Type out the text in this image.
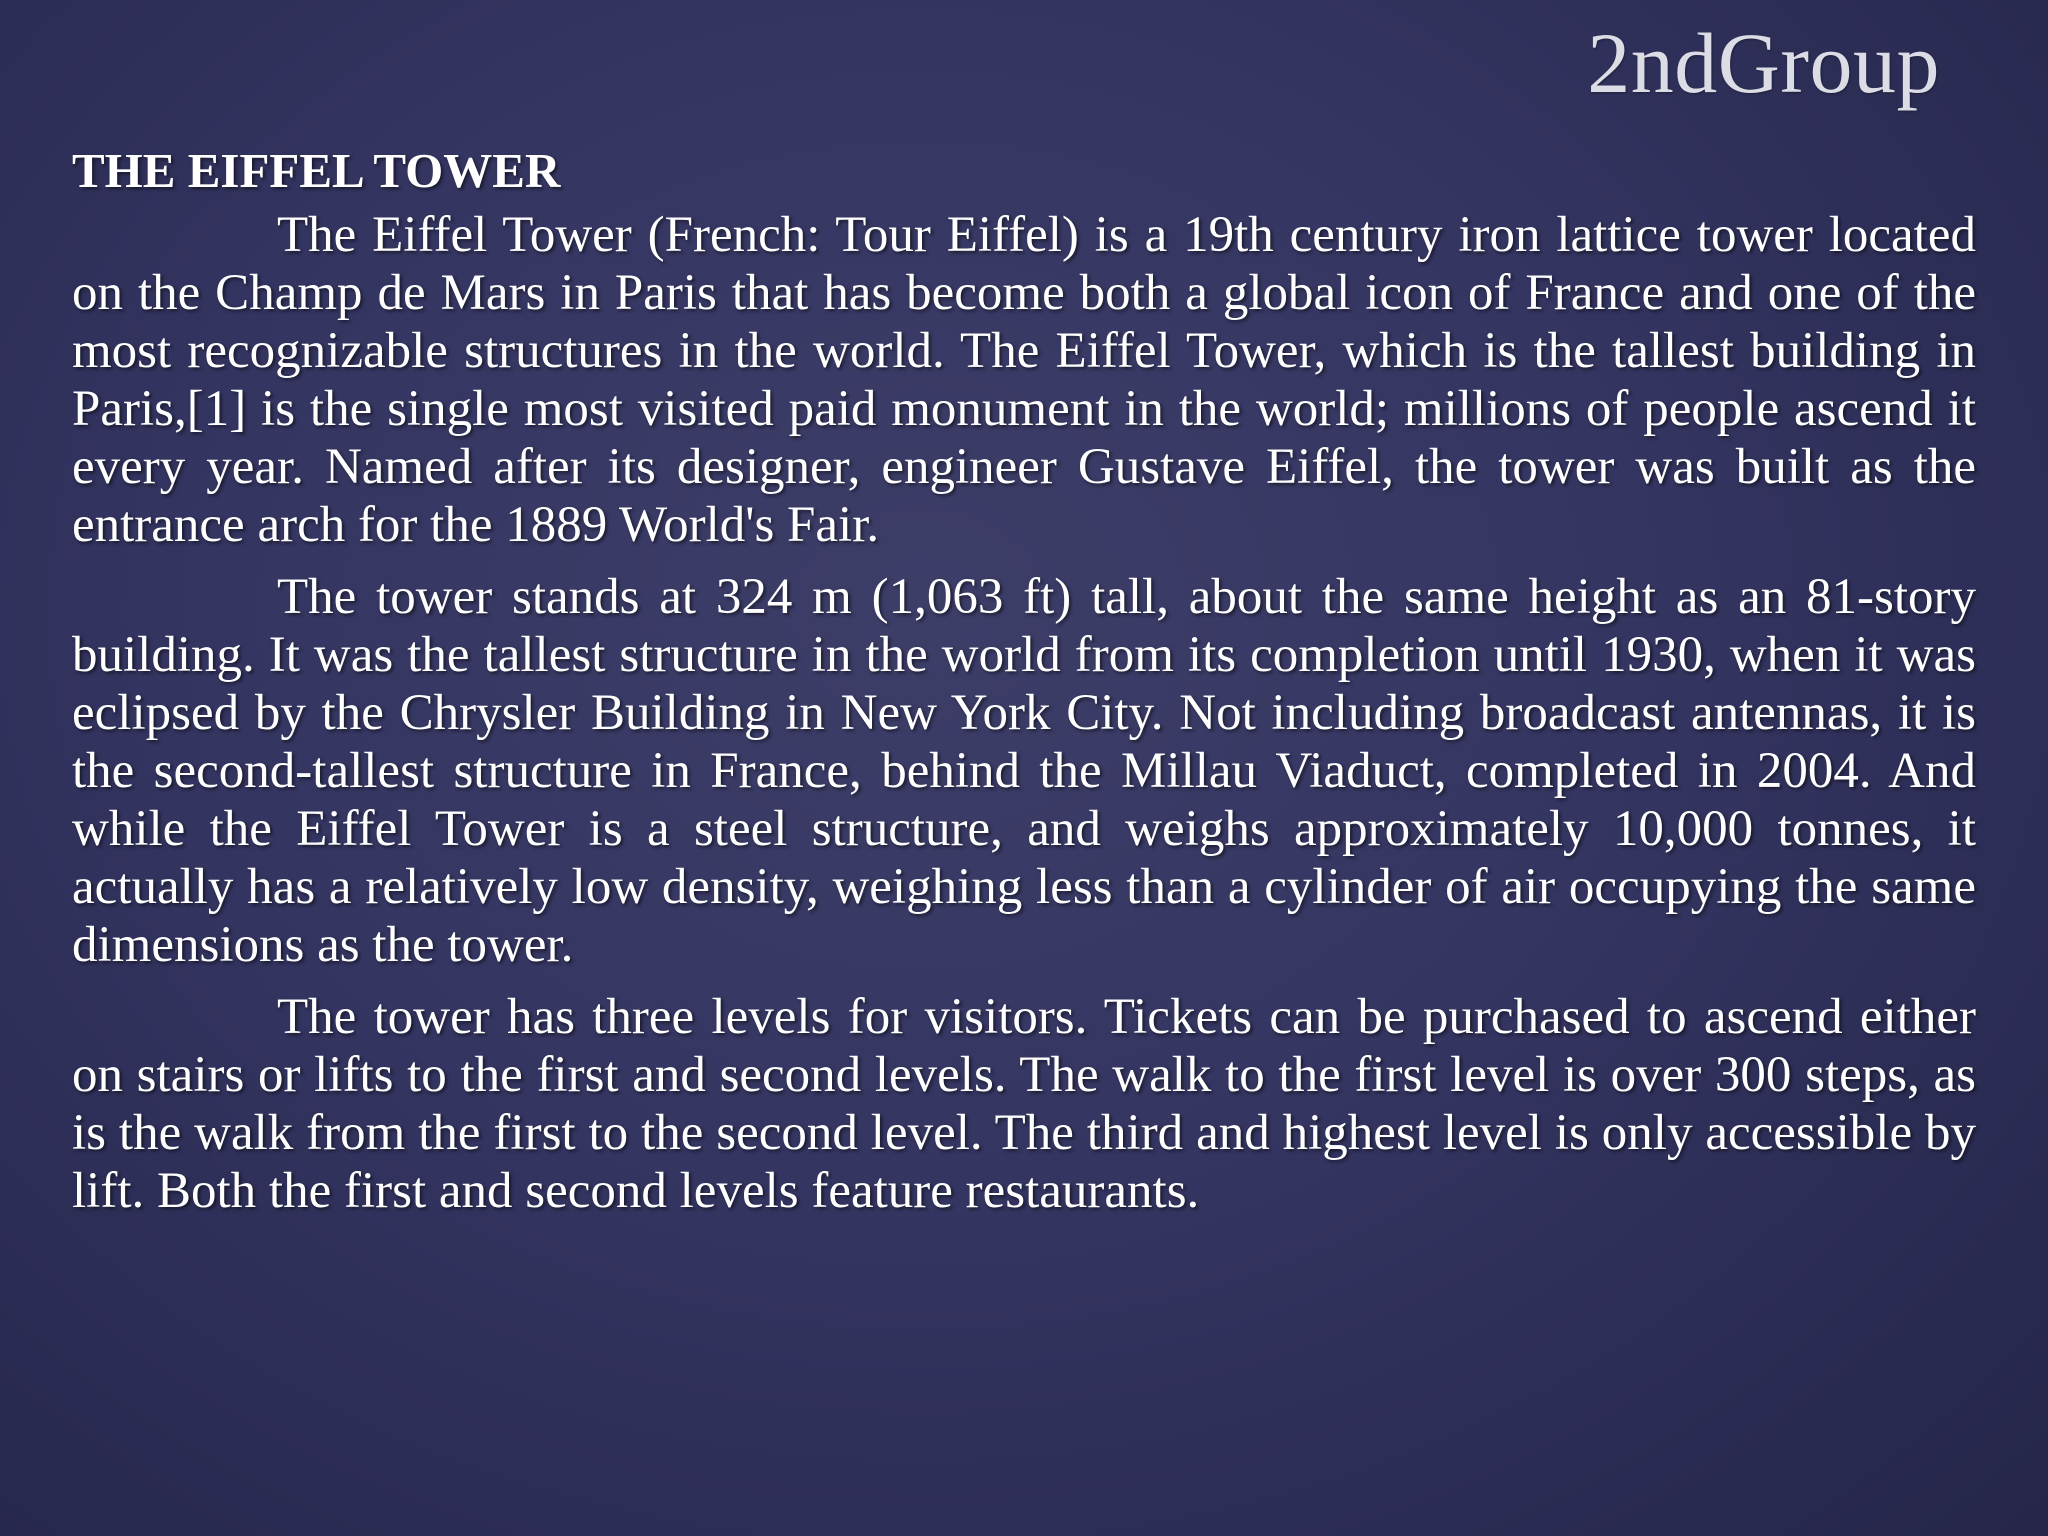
2ndGroup
THE EIFFEL TOWER

The Eiffel Tower (French: Tour Eiffel) is a 19th century iron lattice tower located on the Champ de Mars in Paris that has become both a global icon of France and one of the most recognizable structures in the world. The Eiffel Tower, which is the tallest building in Paris,[1] is the single most visited paid monument in the world; millions of people ascend it every year. Named after its designer, engineer Gustave Eiffel, the tower was built as the entrance arch for the 1889 World's Fair.

The tower stands at 324 m (1,063 ft) tall, about the same height as an 81-story building. It was the tallest structure in the world from its completion until 1930, when it was eclipsed by the Chrysler Building in New York City. Not including broadcast antennas, it is the second-tallest structure in France, behind the Millau Viaduct, completed in 2004. And while the Eiffel Tower is a steel structure, and weighs approximately 10,000 tonnes, it actually has a relatively low density, weighing less than a cylinder of air occupying the same dimensions as the tower.

The tower has three levels for visitors. Tickets can be purchased to ascend either on stairs or lifts to the first and second levels. The walk to the first level is over 300 steps, as is the walk from the first to the second level. The third and highest level is only accessible by lift. Both the first and second levels feature restaurants.
